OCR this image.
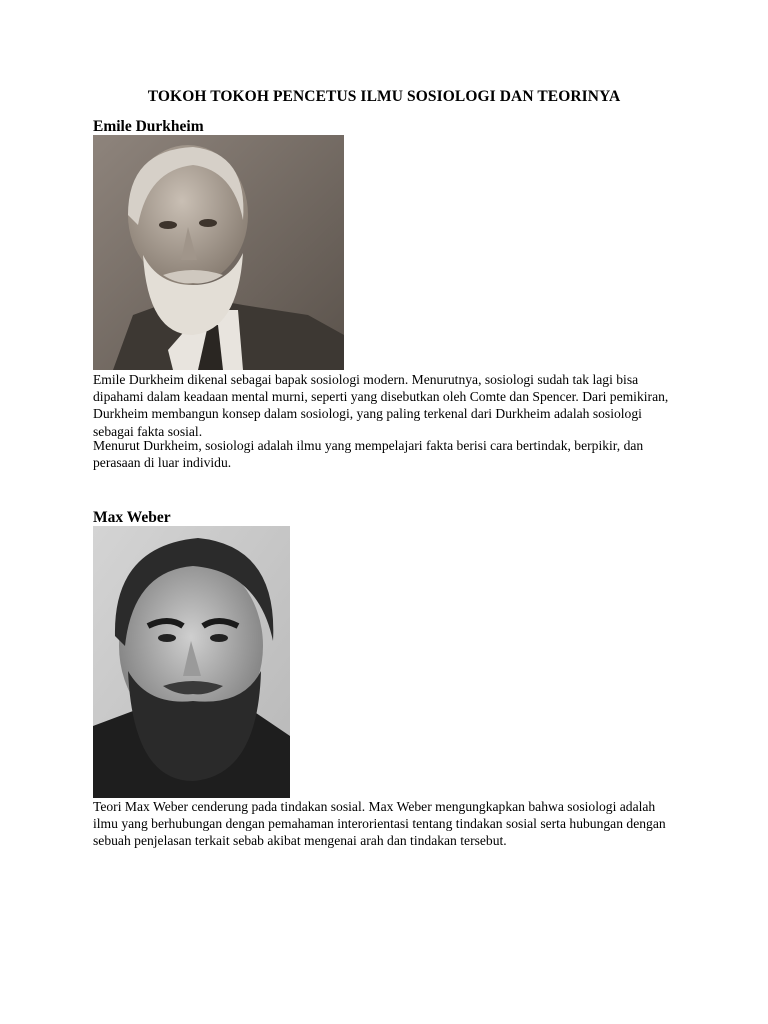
TOKOH TOKOH PENCETUS ILMU SOSIOLOGI DAN TEORINYA
Emile Durkheim

Emile Durkheim dikenal sebagai bapak sosiologi modern. Menurutnya, sosiologi sudah tak lagi bisa dipahami dalam keadaan mental murni, seperti yang disebutkan oleh Comte dan Spencer. Dari pemikiran, Durkheim membangun konsep dalam sosiologi, yang paling terkenal dari Durkheim adalah sosiologi sebagai fakta sosial.

Menurut Durkheim, sosiologi adalah ilmu yang mempelajari fakta berisi cara bertindak, berpikir, dan perasaan di luar individu.

Max Weber

Teori Max Weber cenderung pada tindakan sosial. Max Weber mengungkapkan bahwa sosiologi adalah ilmu yang berhubungan dengan pemahaman interorientasi tentang tindakan sosial serta hubungan dengan sebuah penjelasan terkait sebab akibat mengenai arah dan tindakan tersebut.
